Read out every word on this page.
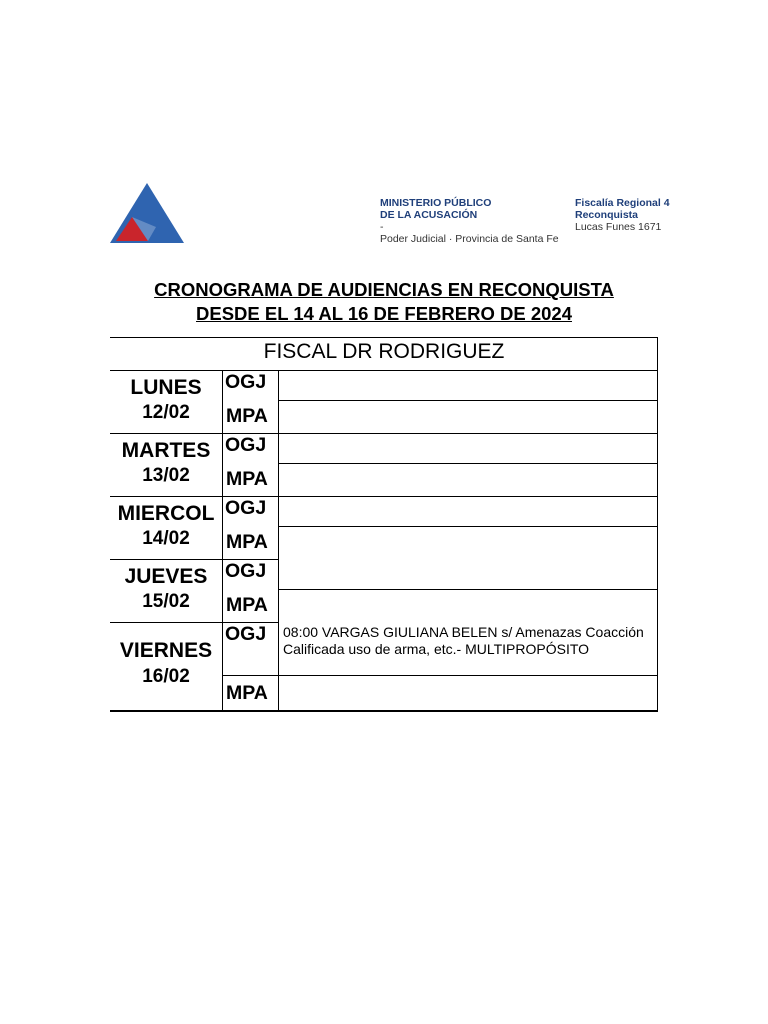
MINISTERIO PÚBLICO
DE LA ACUSACIÓN
-
Poder Judicial · Provincia de Santa Fe
Fiscalía Regional 4
Reconquista
Lucas Funes 1671
CRONOGRAMA DE AUDIENCIAS EN RECONQUISTA
DESDE EL 14 AL 16 DE FEBRERO DE 2024
FISCAL DR RODRIGUEZ
LUNES
12/02
OGJ
MPA
MARTES
13/02
OGJ
MPA
MIERCOL
14/02
OGJ
MPA
JUEVES
15/02
OGJ
MPA
VIERNES
16/02
OGJ
MPA
08:00 VARGAS GIULIANA BELEN s/ Amenazas Coacción Calificada uso de arma, etc.- MULTIPROPÓSITO
